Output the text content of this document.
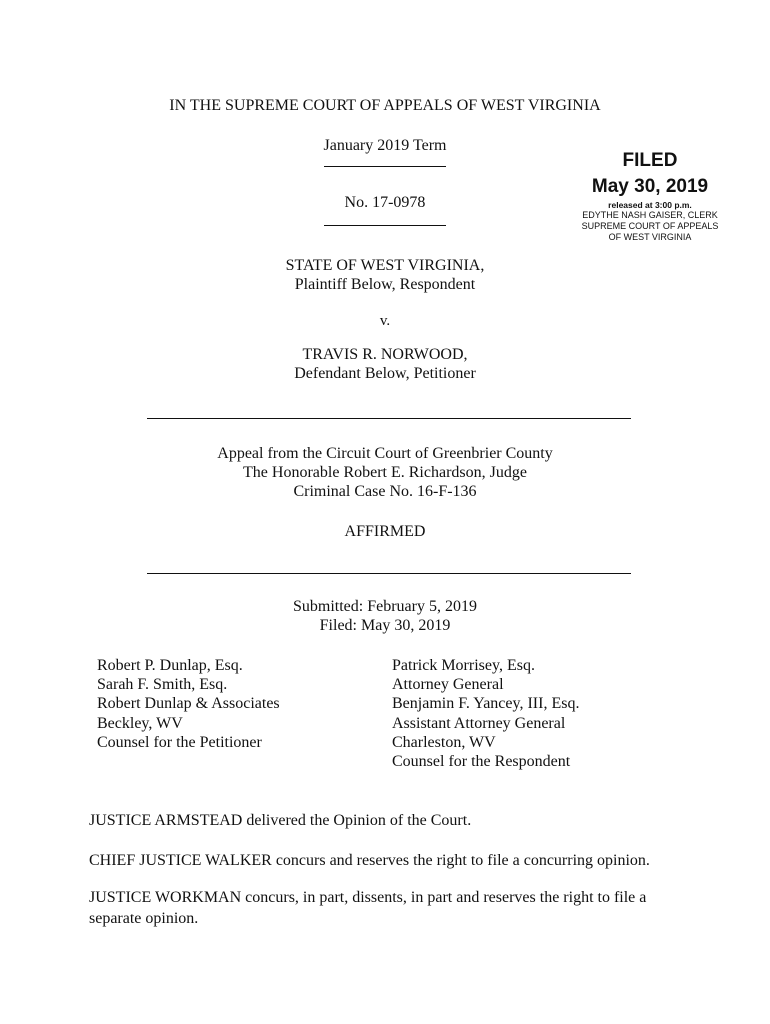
IN THE SUPREME COURT OF APPEALS OF WEST VIRGINIA
January 2019 Term
No. 17-0978
FILED
May 30, 2019
released at 3:00 p.m.
EDYTHE NASH GAISER, CLERK
SUPREME COURT OF APPEALS
OF WEST VIRGINIA
STATE OF WEST VIRGINIA,
Plaintiff Below, Respondent
v.
TRAVIS R. NORWOOD,
Defendant Below, Petitioner
Appeal from the Circuit Court of Greenbrier County
The Honorable Robert E. Richardson, Judge
Criminal Case No. 16-F-136
AFFIRMED
Submitted: February 5, 2019
Filed: May 30, 2019
Robert P. Dunlap, Esq.
Sarah F. Smith, Esq.
Robert Dunlap & Associates
Beckley, WV
Counsel for the Petitioner
Patrick Morrisey, Esq.
Attorney General
Benjamin F. Yancey, III, Esq.
Assistant Attorney General
Charleston, WV
Counsel for the Respondent
JUSTICE ARMSTEAD delivered the Opinion of the Court.
CHIEF JUSTICE WALKER concurs and reserves the right to file a concurring opinion.
JUSTICE WORKMAN concurs, in part, dissents, in part and reserves the right to file a
separate opinion.
